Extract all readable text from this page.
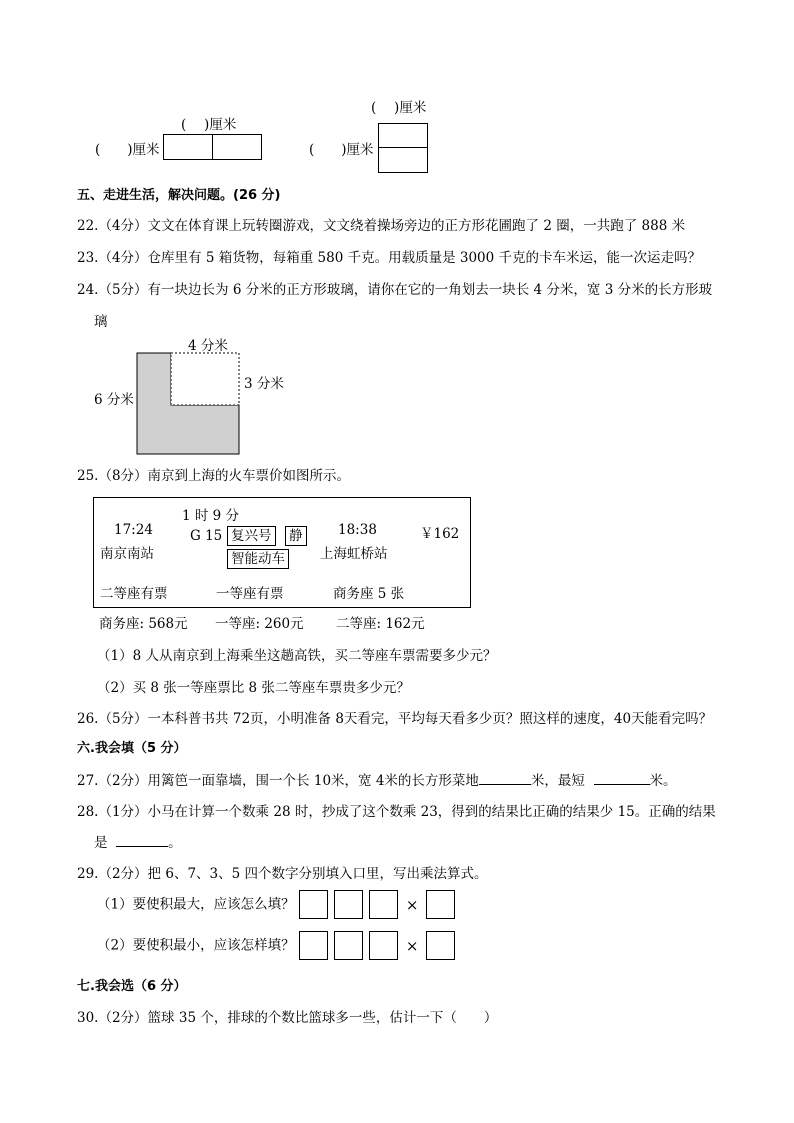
(　 )厘米
(　　)厘米
(　 )厘米
(　　)厘米
五、走进生活，解决问题。(26 分)
22.（4分）文文在体育课上玩转圈游戏，文文绕着操场旁边的正方形花圃跑了 2 圈，一共跑了 888 米
23.（4分）仓库里有 5 箱货物，每箱重 580 千克。用载质量是 3000 千克的卡车米运，能一次运走吗？
24.（5分）有一块边长为 6 分米的正方形玻璃，请你在它的一角划去一块长 4 分米，宽 3 分米的长方形玻
璃
4 分米
3 分米
6 分米
25.（8分）南京到上海的火车票价如图所示。
1 时 9 分
17:24	G 15 复兴号 静
智能动车
18:38	￥162
南京南站	上海虹桥站
二等座有票	一等座有票	商务座 5 张
商务座: 568元 一等座: 260元 二等座: 162元
（1）8 人从南京到上海乘坐这趟高铁，买二等座车票需要多少元？
（2）买 8 张一等座票比 8 张二等座车票贵多少元？
26.（5分）一本科普书共 72页，小明准备 8天看完，平均每天看多少页？照这样的速度，40天能看完吗？
六.我会填（5 分）
27.（2分）用篱笆一面靠墙，围一个长 10米，宽 4米的长方形菜地	米，最短	米。
28.（1分）小马在计算一个数乘 28 时，抄成了这个数乘 23，得到的结果比正确的结果少 15。正确的结果
是	。
29.（2分）把 6、7、3、5 四个数字分别填入口里，写出乘法算式。
（1）要使积最大，应该怎么填？	×
（2）要使积最小，应该怎样填？	×
七.我会选（6 分）
30.（2分）篮球 35 个，排球的个数比篮球多一些，估计一下（　　）
